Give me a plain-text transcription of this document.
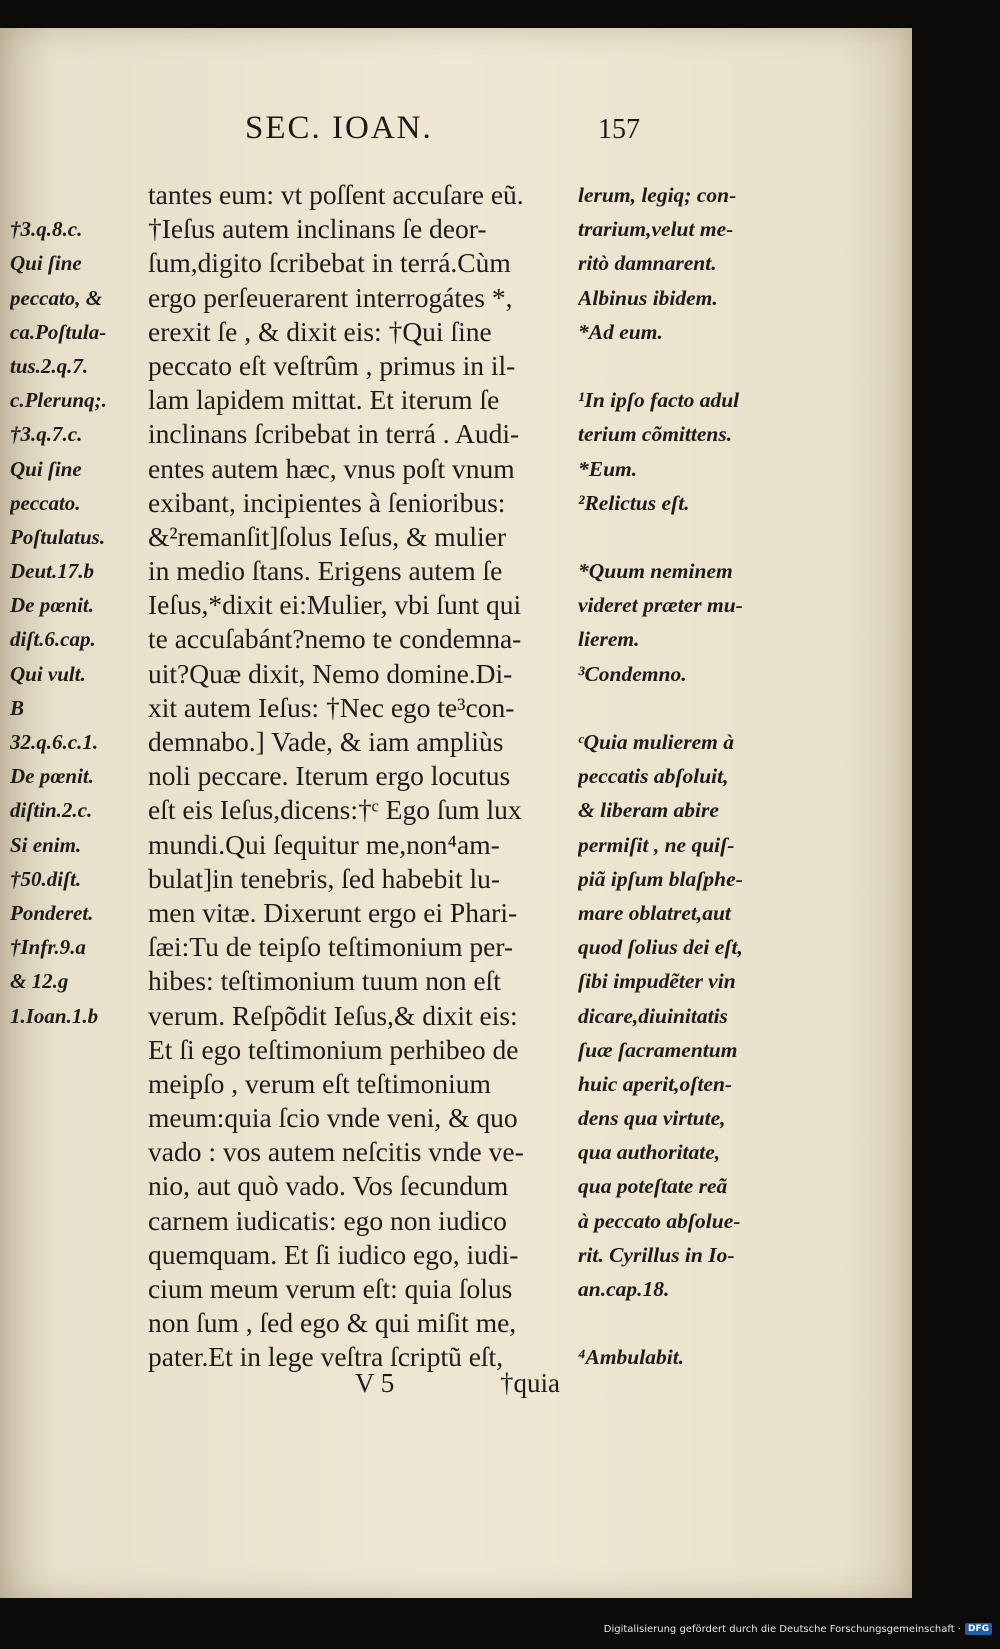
SEC. IOAN.	157
†3.q.8.c.
Qui ſine
peccato, &
ca.Poſtula-
tus.2.q.7.
c.Plerunq;.
†3.q.7.c.
Qui ſine
peccato.
Poſtulatus.
Deut.17.b
De pœnit.
diſt.6.cap.
Qui vult.
B
32.q.6.c.1.
De pœnit.
diſtin.2.c.
Si enim.
†50.diſt.
Ponderet.
†Infr.9.a
& 12.g
1.Ioan.1.b
tantes eum: vt poſſent accuſare eũ.
†Ieſus autem inclinans ſe deor-
ſum,digito ſcribebat in terrá.Cùm
ergo perſeuerarent interrogátes *,
erexit ſe , & dixit eis: †Qui ſine
peccato eſt veſtrûm , primus in il-
lam lapidem mittat. Et iterum ſe
inclinans ſcribebat in terrá . Audi-
entes autem hæc, vnus poſt vnum
exibant, incipientes à ſenioribus:
&²remanſit]ſolus Ieſus, & mulier
in medio ſtans. Erigens autem ſe
Ieſus,*dixit ei:Mulier, vbi ſunt qui
te accuſabánt?nemo te condemna-
uit?Quæ dixit, Nemo domine.Di-
xit autem Ieſus: †Nec ego te³con-
demnabo.] Vade, & iam ampliùs
noli peccare. Iterum ergo locutus
eſt eis Ieſus,dicens:†ᶜ Ego ſum lux
mundi.Qui ſequitur me,non⁴am-
bulat]in tenebris, ſed habebit lu-
men vitæ. Dixerunt ergo ei Phari-
ſæi:Tu de teipſo teſtimonium per-
hibes: teſtimonium tuum non eſt
verum. Reſpõdit Ieſus,& dixit eis:
Et ſi ego teſtimonium perhibeo de
meipſo , verum eſt teſtimonium
meum:quia ſcio vnde veni, & quo
vado : vos autem neſcitis vnde ve-
nio, aut quò vado. Vos ſecundum
carnem iudicatis: ego non iudico
quemquam. Et ſi iudico ego, iudi-
cium meum verum eſt: quia ſolus
non ſum , ſed ego & qui miſit me,
pater.Et in lege veſtra ſcriptũ eſt,
lerum, legiq; con-
trarium,velut me-
ritò damnarent.
Albinus ibidem.
*Ad eum.
¹In ipſo facto adul
terium cõmittens.
*Eum.
²Relictus eſt.
*Quum neminem
videret præter mu-
lierem.
³Condemno.
ᶜQuia mulierem à
peccatis abſoluit,
& liberam abire
permiſit , ne quiſ-
piã ipſum blaſphe-
mare oblatret,aut
quod ſolius dei eſt,
ſibi impudẽter vin
dicare,diuinitatis
ſuæ ſacramentum
huic aperit,oſten-
dens qua virtute,
qua authoritate,
qua poteſtate reã
à peccato abſolue-
rit. Cyrillus in Io-
an.cap.18.
⁴Ambulabit.
V 5	†quia
Digitalisierung gefördert durch die Deutsche Forschungsgemeinschaft · DFG
